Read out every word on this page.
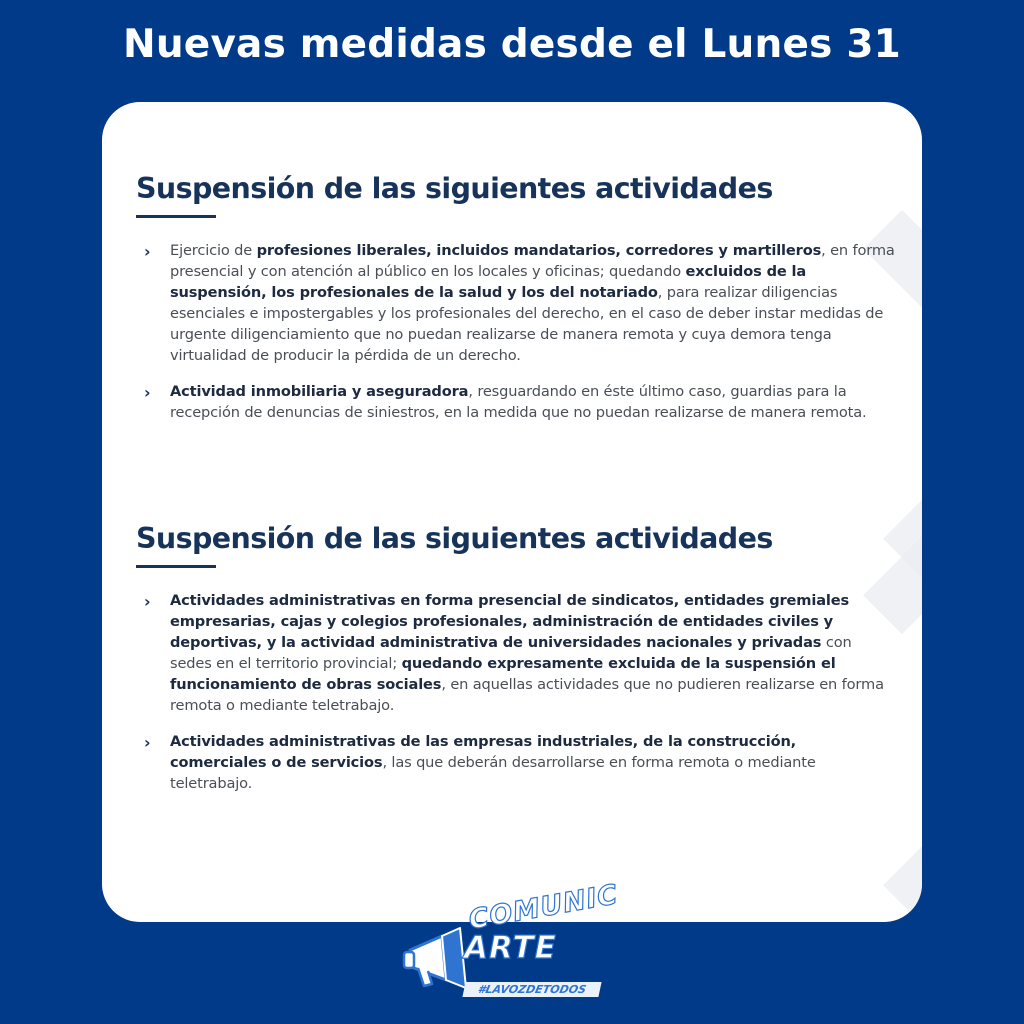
Nuevas medidas desde el Lunes 31
Suspensión de las siguientes actividades
› Ejercicio de profesiones liberales, incluidos mandatarios, corredores y martilleros, en forma presencial y con atención al público en los locales y oficinas; quedando excluidos de la suspensión, los profesionales de la salud y los del notariado, para realizar diligencias esenciales e impostergables y los profesionales del derecho, en el caso de deber instar medidas de urgente diligenciamiento que no puedan realizarse de manera remota y cuya demora tenga virtualidad de producir la pérdida de un derecho.
› Actividad inmobiliaria y aseguradora, resguardando en éste último caso, guardias para la recepción de denuncias de siniestros, en la medida que no puedan realizarse de manera remota.
Suspensión de las siguientes actividades
› Actividades administrativas en forma presencial de sindicatos, entidades gremiales empresarias, cajas y colegios profesionales, administración de entidades civiles y deportivas, y la actividad administrativa de universidades nacionales y privadas con sedes en el territorio provincial; quedando expresamente excluida de la suspensión el funcionamiento de obras sociales, en aquellas actividades que no pudieren realizarse en forma remota o mediante teletrabajo.
› Actividades administrativas de las empresas industriales, de la construcción, comerciales o de servicios, las que deberán desarrollarse en forma remota o mediante teletrabajo.
COMUNIC
ARTE
#LAVOZDETODOS
